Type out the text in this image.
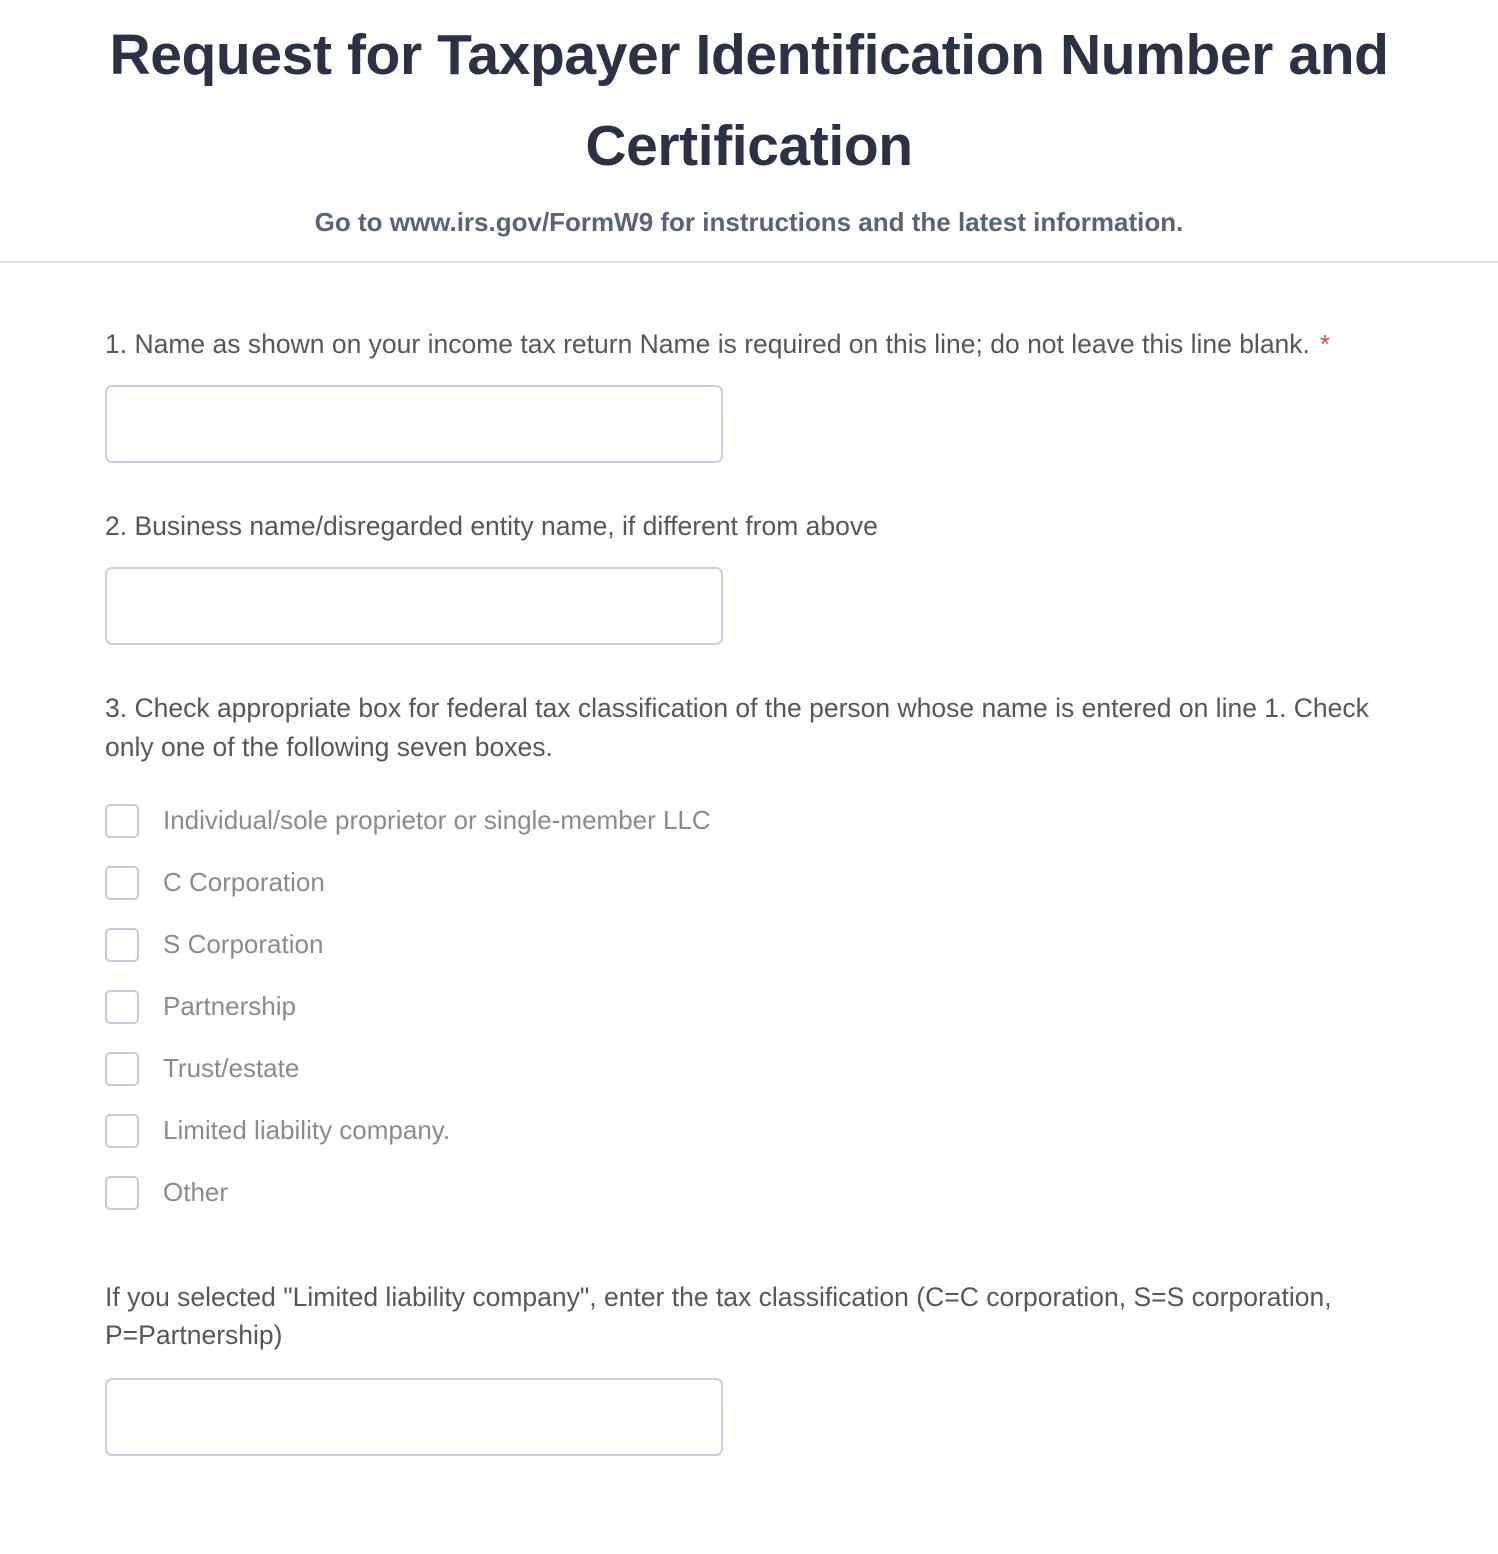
Request for Taxpayer Identification Number and Certification

Go to www.irs.gov/FormW9 for instructions and the latest information.

1. Name as shown on your income tax return Name is required on this line; do not leave this line blank. *
2. Business name/disregarded entity name, if different from above
3. Check appropriate box for federal tax classification of the person whose name is entered on line 1. Check only one of the following seven boxes.
Individual/sole proprietor or single-member LLC
C Corporation
S Corporation
Partnership
Trust/estate
Limited liability company.
Other
If you selected "Limited liability company", enter the tax classification (C=C corporation, S=S corporation, P=Partnership)
